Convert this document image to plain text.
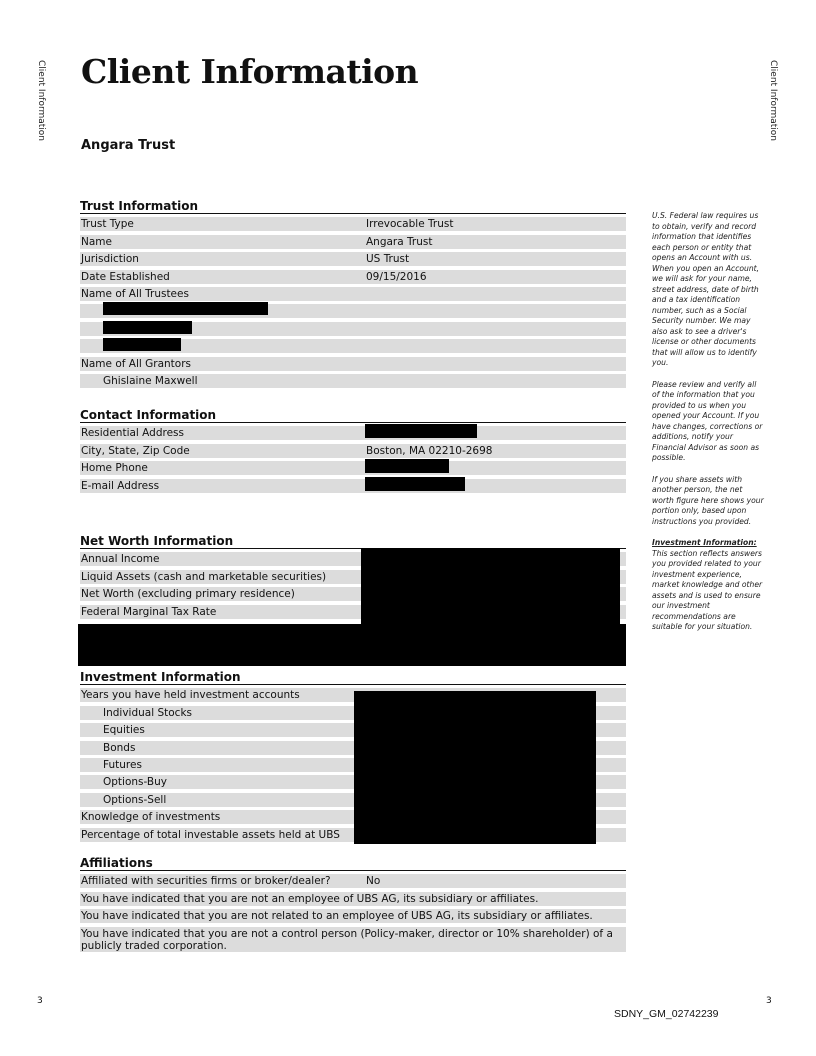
Client Information	Client Information
Client Information
Angara Trust
Trust Information
Trust Type	Irrevocable Trust
Name	Angara Trust
Jurisdiction	US Trust
Date Established	09/15/2016
Name of All Trustees
Name of All Grantors
Ghislaine Maxwell
Contact Information
Residential Address
City, State, Zip Code	Boston, MA 02210-2698
Home Phone
E-mail Address
Net Worth Information
Annual Income
Liquid Assets (cash and marketable securities)
Net Worth (excluding primary residence)
Federal Marginal Tax Rate
Investment Information
Years you have held investment accounts
Individual Stocks
Equities
Bonds
Futures
Options-Buy
Options-Sell
Knowledge of investments
Percentage of total investable assets held at UBS
Affiliations
Affiliated with securities firms or broker/dealer?	No
You have indicated that you are not an employee of UBS AG, its subsidiary or affiliates.
You have indicated that you are not related to an employee of UBS AG, its subsidiary or affiliates.
You have indicated that you are not a control person (Policy-maker, director or 10% shareholder) of a publicly traded corporation.

U.S. Federal law requires us to obtain, verify and record information that identifies each person or entity that opens an Account with us. When you open an Account, we will ask for your name, street address, date of birth and a tax identification number, such as a Social Security number. We may also ask to see a driver's license or other documents that will allow us to identify you.

Please review and verify all of the information that you provided to us when you opened your Account. If you have changes, corrections or additions, notify your Financial Advisor as soon as possible.

If you share assets with another person, the net worth figure here shows your portion only, based upon instructions you provided.

Investment Information:

This section reflects answers you provided related to your investment experience, market knowledge and other assets and is used to ensure our investment recommendations are suitable for your situation.

3	3
SDNY_GM_02742239
